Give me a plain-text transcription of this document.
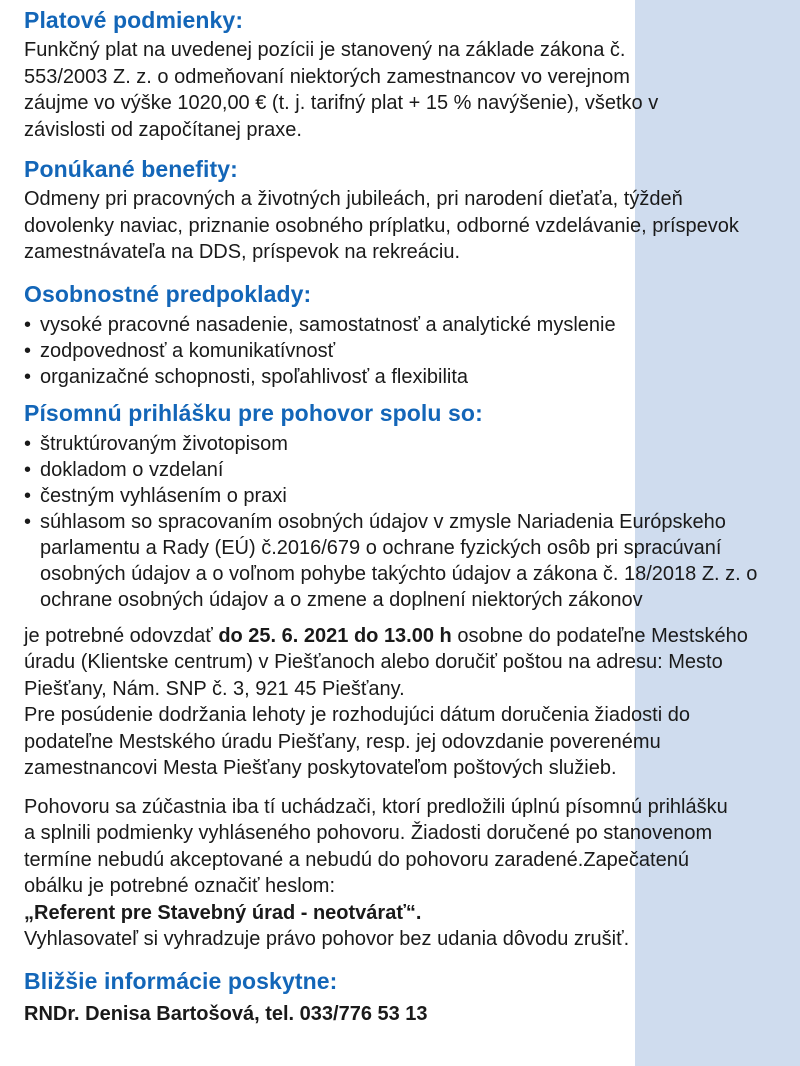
Platové podmienky:

Funkčný plat na uvedenej pozícii je stanovený na základe zákona č. 553/2003 Z. z. o odmeňovaní niektorých zamestnancov vo verejnom záujme vo výške 1020,00 € (t. j. tarifný plat + 15 % navýšenie), všetko v závislosti od započítanej praxe.

Ponúkané benefity:

Odmeny pri pracovných a životných jubileách, pri narodení dieťaťa, týždeň dovolenky naviac, priznanie osobného príplatku, odborné vzdelávanie, príspevok zamestnávateľa na DDS, príspevok na rekreáciu.

Osobnostné predpoklady:
• vysoké pracovné nasadenie, samostatnosť a analytické myslenie
• zodpovednosť a komunikatívnosť
• organizačné schopnosti, spoľahlivosť a flexibilita
Písomnú prihlášku pre pohovor spolu so:
• štruktúrovaným životopisom
• dokladom o vzdelaní
• čestným vyhlásením o praxi
• súhlasom so spracovaním osobných údajov v zmysle Nariadenia Európskeho parlamentu a Rady (EÚ) č.2016/679 o ochrane fyzických osôb pri spracúvaní osobných údajov a o voľnom pohybe takýchto údajov a zákona č. 18/2018 Z. z. o ochrane osobných údajov a o zmene a doplnení niektorých zákonov

je potrebné odovzdať do 25. 6. 2021 do 13.00 h osobne do podateľne Mestského úradu (Klientske centrum) v Piešťanoch alebo doručiť poštou na adresu: Mesto Piešťany, Nám. SNP č. 3, 921 45 Piešťany.

Pre posúdenie dodržania lehoty je rozhodujúci dátum doručenia žiadosti do podateľne Mestského úradu Piešťany, resp. jej odovzdanie poverenému zamestnancovi Mesta Piešťany poskytovateľom poštových služieb.

Pohovoru sa zúčastnia iba tí uchádzači, ktorí predložili úplnú písomnú prihlášku a splnili podmienky vyhláseného pohovoru. Žiadosti doručené po stanovenom termíne nebudú akceptované a nebudú do pohovoru zaradené.Zapečatenú obálku je potrebné označiť heslom:

„Referent pre Stavebný úrad - neotvárať“.

Vyhlasovateľ si vyhradzuje právo pohovor bez udania dôvodu zrušiť.

Bližšie informácie poskytne:

RNDr. Denisa Bartošová, tel. 033/776 53 13
